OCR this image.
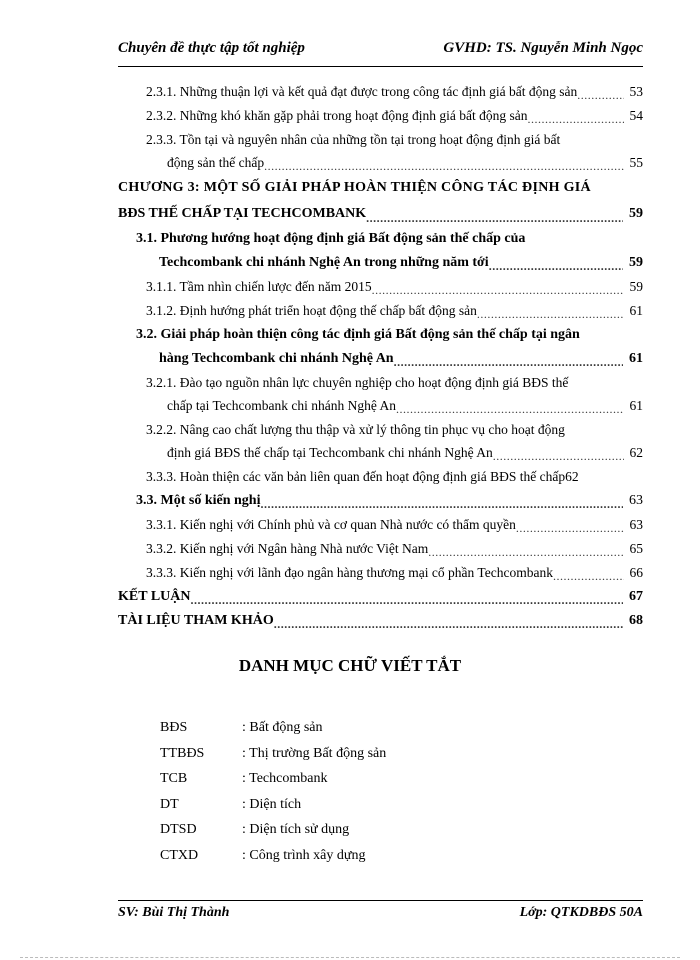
Chuyên đề thực tập tốt nghiệp	GVHD: TS. Nguyễn Minh Ngọc
2.3.1. Những thuận lợi và kết quả đạt được trong công tác định giá bất động sản .....	53
2.3.2. Những khó khăn gặp phải trong hoạt động định giá bất động sản .....	54
2.3.3. Tồn tại và nguyên nhân của những tồn tại trong hoạt động định giá bất
động sản thế chấp .....	55
CHƯƠNG 3: MỘT SỐ GIẢI PHÁP HOÀN THIỆN CÔNG TÁC ĐỊNH GIÁ
BĐS THẾ CHẤP TẠI TECHCOMBANK .....	59
3.1. Phương hướng hoạt động định giá Bất động sản thế chấp của
Techcombank chi nhánh Nghệ An trong những năm tới .....	59
3.1.1. Tầm nhìn chiến lược đến năm 2015 .....	59
3.1.2. Định hướng phát triển hoạt động thế chấp bất động sản .....	61
3.2. Giải pháp hoàn thiện công tác định giá Bất động sản thế chấp tại ngân
hàng Techcombank chi nhánh Nghệ An .....	61
3.2.1. Đào tạo nguồn nhân lực chuyên nghiệp cho hoạt động định giá BĐS thế
chấp tại Techcombank chi nhánh Nghệ An .....	61
3.2.2. Nâng cao chất lượng thu thập và xử lý thông tin phục vụ cho hoạt động
định giá BĐS thế chấp tại Techcombank chi nhánh Nghệ An .....	62
3.3.3. Hoàn thiện các văn bản liên quan đến hoạt động định giá BĐS thế chấp 62
3.3. Một số kiến nghị .....	63
3.3.1. Kiến nghị với Chính phủ và cơ quan Nhà nước có thẩm quyền .....	63
3.3.2. Kiến nghị với Ngân hàng Nhà nước Việt Nam .....	65
3.3.3. Kiến nghị với lãnh đạo ngân hàng thương mại cổ phần Techcombank .....	66
KẾT LUẬN .....	67
TÀI LIỆU THAM KHẢO .....	68
DANH MỤC CHỮ VIẾT TẮT
BĐS	: Bất động sản
TTBĐS	: Thị trường Bất động sản
TCB	: Techcombank
DT	: Diện tích
DTSD	: Diện tích sử dụng
CTXD	: Công trình xây dựng
SV: Bùi Thị Thành	Lớp: QTKDBĐS 50A
